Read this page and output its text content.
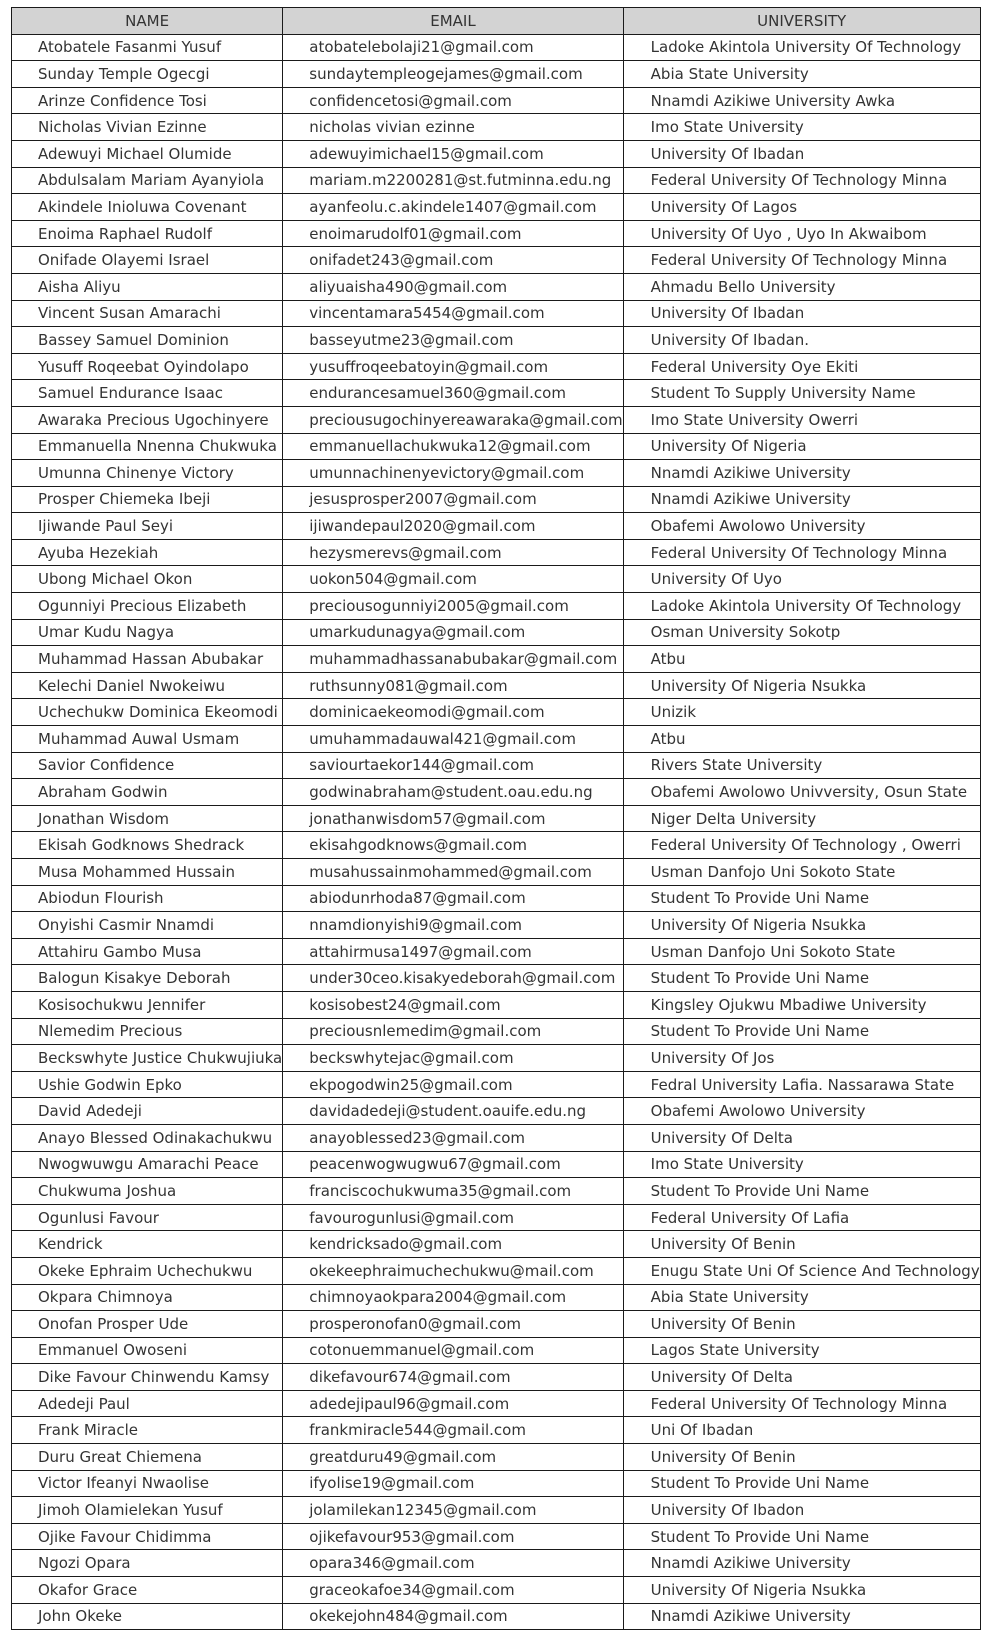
NAME	EMAIL	UNIVERSITY
Atobatele Fasanmi Yusuf	atobatelebolaji21@gmail.com	Ladoke Akintola University Of Technology
Sunday Temple Ogecgi	sundaytempleogejames@gmail.com	Abia State University
Arinze Confidence Tosi	confidencetosi@gmail.com	Nnamdi Azikiwe University Awka
Nicholas Vivian Ezinne	nicholas vivian ezinne	Imo State University
Adewuyi Michael Olumide	adewuyimichael15@gmail.com	University Of Ibadan
Abdulsalam Mariam Ayanyiola	mariam.m2200281@st.futminna.edu.ng	Federal University Of Technology Minna
Akindele Inioluwa Covenant	ayanfeolu.c.akindele1407@gmail.com	University Of Lagos
Enoima Raphael Rudolf	enoimarudolf01@gmail.com	University Of Uyo , Uyo In Akwaibom
Onifade Olayemi Israel	onifadet243@gmail.com	Federal University Of Technology Minna
Aisha Aliyu	aliyuaisha490@gmail.com	Ahmadu Bello University
Vincent Susan Amarachi	vincentamara5454@gmail.com	University Of Ibadan
Bassey Samuel Dominion	basseyutme23@gmail.com	University Of Ibadan.
Yusuff Roqeebat Oyindolapo	yusuffroqeebatoyin@gmail.com	Federal University Oye Ekiti
Samuel Endurance Isaac	endurancesamuel360@gmail.com	Student To Supply University Name
Awaraka Precious Ugochinyere	preciousugochinyereawaraka@gmail.com	Imo State University Owerri
Emmanuella Nnenna Chukwuka	emmanuellachukwuka12@gmail.com	University Of Nigeria
Umunna Chinenye Victory	umunnachinenyevictory@gmail.com	Nnamdi Azikiwe University
Prosper Chiemeka Ibeji	jesusprosper2007@gmail.com	Nnamdi Azikiwe University
Ijiwande Paul Seyi	ijiwandepaul2020@gmail.com	Obafemi Awolowo University
Ayuba Hezekiah	hezysmerevs@gmail.com	Federal University Of Technology Minna
Ubong Michael Okon	uokon504@gmail.com	University Of Uyo
Ogunniyi Precious Elizabeth	preciousogunniyi2005@gmail.com	Ladoke Akintola University Of Technology
Umar Kudu Nagya	umarkudunagya@gmail.com	Osman University Sokotp
Muhammad Hassan Abubakar	muhammadhassanabubakar@gmail.com	Atbu
Kelechi Daniel Nwokeiwu	ruthsunny081@gmail.com	University Of Nigeria Nsukka
Uchechukw Dominica Ekeomodi	dominicaekeomodi@gmail.com	Unizik
Muhammad Auwal Usmam	umuhammadauwal421@gmail.com	Atbu
Savior Confidence	saviourtaekor144@gmail.com	Rivers State University
Abraham Godwin	godwinabraham@student.oau.edu.ng	Obafemi Awolowo Univversity, Osun State
Jonathan Wisdom	jonathanwisdom57@gmail.com	Niger Delta University
Ekisah Godknows Shedrack	ekisahgodknows@gmail.com	Federal University Of Technology , Owerri
Musa Mohammed Hussain	musahussainmohammed@gmail.com	Usman Danfojo Uni Sokoto State
Abiodun Flourish	abiodunrhoda87@gmail.com	Student To Provide Uni Name
Onyishi Casmir Nnamdi	nnamdionyishi9@gmail.com	University Of Nigeria Nsukka
Attahiru Gambo Musa	attahirmusa1497@gmail.com	Usman Danfojo Uni Sokoto State
Balogun Kisakye Deborah	under30ceo.kisakyedeborah@gmail.com	Student To Provide Uni Name
Kosisochukwu Jennifer	kosisobest24@gmail.com	Kingsley Ojukwu Mbadiwe University
Nlemedim Precious	preciousnlemedim@gmail.com	Student To Provide Uni Name
Beckswhyte Justice Chukwujiuka	beckswhytejac@gmail.com	University Of Jos
Ushie Godwin Epko	ekpogodwin25@gmail.com	Fedral University Lafia. Nassarawa State
David Adedeji	davidadedeji@student.oauife.edu.ng	Obafemi Awolowo University
Anayo Blessed Odinakachukwu	anayoblessed23@gmail.com	University Of Delta
Nwogwuwgu Amarachi Peace	peacenwogwugwu67@gmail.com	Imo State University
Chukwuma Joshua	franciscochukwuma35@gmail.com	Student To Provide Uni Name
Ogunlusi Favour	favourogunlusi@gmail.com	Federal University Of Lafia
Kendrick	kendricksado@gmail.com	University Of Benin
Okeke Ephraim Uchechukwu	okekeephraimuchechukwu@mail.com	Enugu State Uni Of Science And Technology
Okpara Chimnoya	chimnoyaokpara2004@gmail.com	Abia State University
Onofan Prosper Ude	prosperonofan0@gmail.com	University Of Benin
Emmanuel Owoseni	cotonuemmanuel@gmail.com	Lagos State University
Dike Favour Chinwendu Kamsy	dikefavour674@gmail.com	University Of Delta
Adedeji Paul	adedejipaul96@gmail.com	Federal University Of Technology Minna
Frank Miracle	frankmiracle544@gmail.com	Uni Of Ibadan
Duru Great Chiemena	greatduru49@gmail.com	University Of Benin
Victor Ifeanyi Nwaolise	ifyolise19@gmail.com	Student To Provide Uni Name
Jimoh Olamielekan Yusuf	jolamilekan12345@gmail.com	University Of Ibadon
Ojike Favour Chidimma	ojikefavour953@gmail.com	Student To Provide Uni Name
Ngozi Opara	opara346@gmail.com	Nnamdi Azikiwe University
Okafor Grace	graceokafoe34@gmail.com	University Of Nigeria Nsukka
John Okeke	okekejohn484@gmail.com	Nnamdi Azikiwe University
